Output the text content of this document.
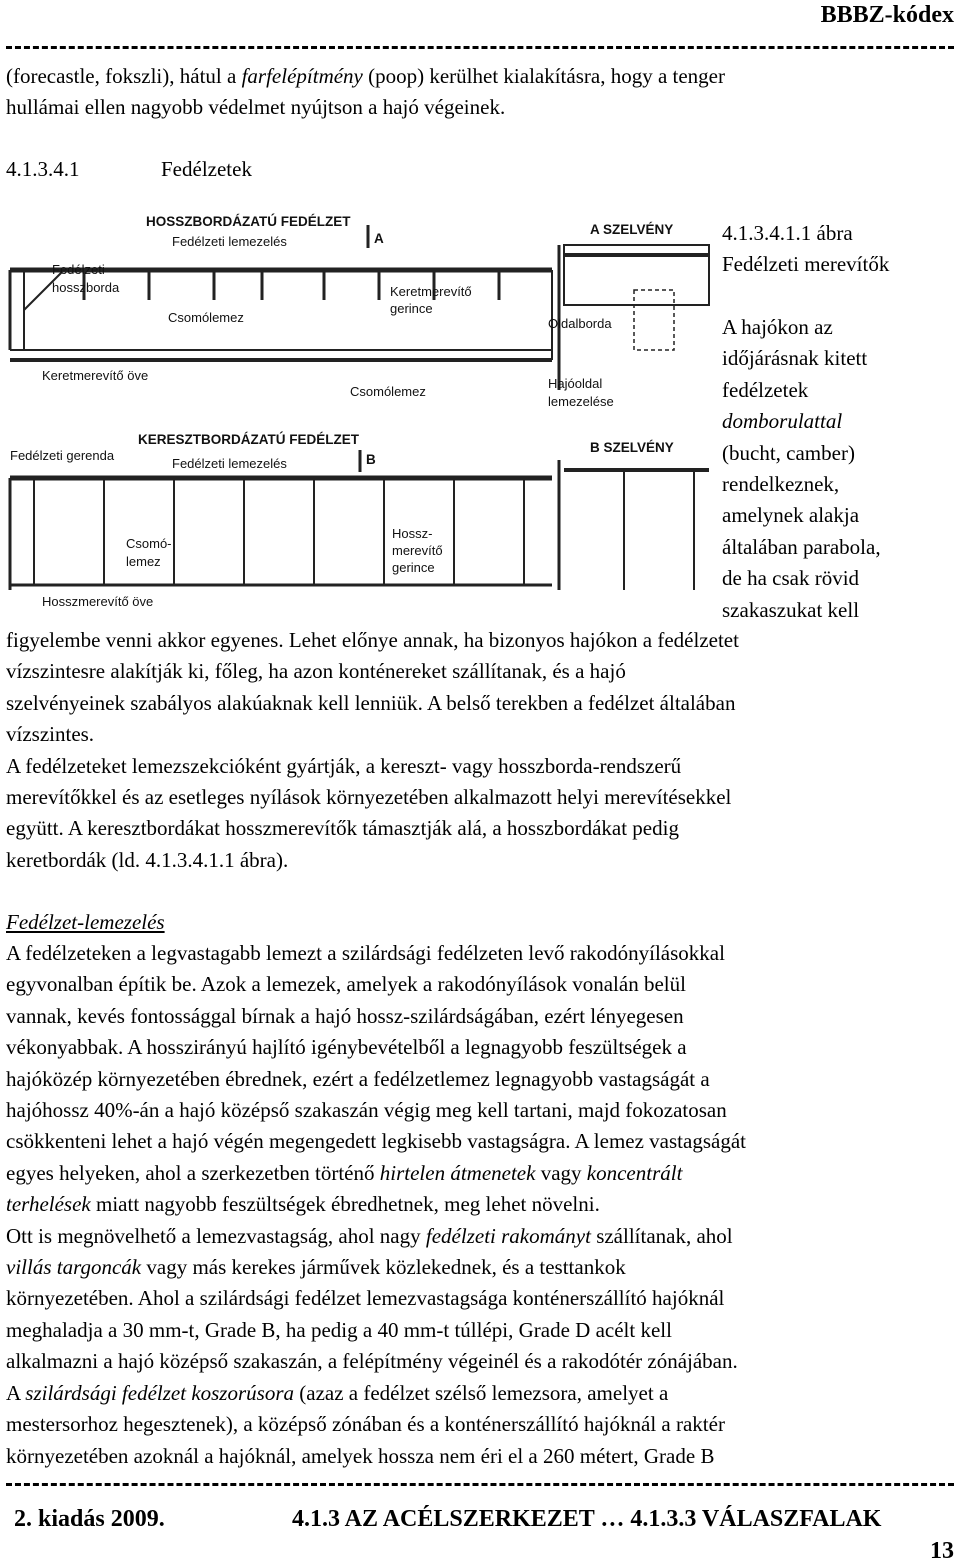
BBBZ-kódex
(forecastle, fokszli), hátul a farfelépítmény (poop) kerülhet kialakításra, hogy a tenger
hullámai ellen nagyobb védelmet nyújtson a hajó végeinek.
4.1.3.4.1	Fedélzetek
4.1.3.4.1.1 ábra
Fedélzeti merevítők
A hajókon az
időjárásnak kitett
fedélzetek
domborulattal
(bucht, camber)
rendelkeznek,
amelynek alakja
általában parabola,
de ha csak rövid
szakaszukat kell
HOSSZBORDÁZATÚ FEDÉLZET
Fedélzeti lemezelés	A
A SZELVÉNY
Fedélzeti
hosszborda
Csomólemez
Keretmerevítő
gerince
Oldalborda
Keretmerevítő öve
Csomólemez
Hajóoldal
lemezelése
KERESZTBORDÁZATÚ FEDÉLZET
Fedélzeti gerenda
Fedélzeti lemezelés	B
B SZELVÉNY
Csomó-
lemez
Hossz-
merevítő
gerince
Hosszmerevítő öve
figyelembe venni akkor egyenes. Lehet előnye annak, ha bizonyos hajókon a fedélzetet
vízszintesre alakítják ki, főleg, ha azon konténereket szállítanak, és a hajó
szelvényeinek szabályos alakúaknak kell lenniük. A belső terekben a fedélzet általában
vízszintes.
A fedélzeteket lemezszekcióként gyártják, a kereszt- vagy hosszborda-rendszerű
merevítőkkel és az esetleges nyílások környezetében alkalmazott helyi merevítésekkel
együtt. A keresztbordákat hosszmerevítők támasztják alá, a hosszbordákat pedig
keretbordák (ld. 4.1.3.4.1.1 ábra).
Fedélzet-lemezelés
A fedélzeteken a legvastagabb lemezt a szilárdsági fedélzeten levő rakodónyílásokkal
egyvonalban építik be. Azok a lemezek, amelyek a rakodónyílások vonalán belül
vannak, kevés fontossággal bírnak a hajó hossz-szilárdságában, ezért lényegesen
vékonyabbak. A hosszirányú hajlító igénybevételből a legnagyobb feszültségek a
hajóközép környezetében ébrednek, ezért a fedélzetlemez legnagyobb vastagságát a
hajóhossz 40%-án a hajó középső szakaszán végig meg kell tartani, majd fokozatosan
csökkenteni lehet a hajó végén megengedett legkisebb vastagságra. A lemez vastagságát
egyes helyeken, ahol a szerkezetben történő hirtelen átmenetek vagy koncentrált
terhelések miatt nagyobb feszültségek ébredhetnek, meg lehet növelni.
Ott is megnövelhető a lemezvastagság, ahol nagy fedélzeti rakományt szállítanak, ahol
villás targoncák vagy más kerekes járművek közlekednek, és a testtankok
környezetében. Ahol a szilárdsági fedélzet lemezvastagsága konténerszállító hajóknál
meghaladja a 30 mm-t, Grade B, ha pedig a 40 mm-t túllépi, Grade D acélt kell
alkalmazni a hajó középső szakaszán, a felépítmény végeinél és a rakodótér zónájában.
A szilárdsági fedélzet koszorúsora (azaz a fedélzet szélső lemezsora, amelyet a
mestersorhoz hegesztenek), a középső zónában és a konténerszállító hajóknál a raktér
környezetében azoknál a hajóknál, amelyek hossza nem éri el a 260 métert, Grade B
2. kiadás 2009.	4.1.3 AZ ACÉLSZERKEZET … 4.1.3.3 VÁLASZFALAK
13
